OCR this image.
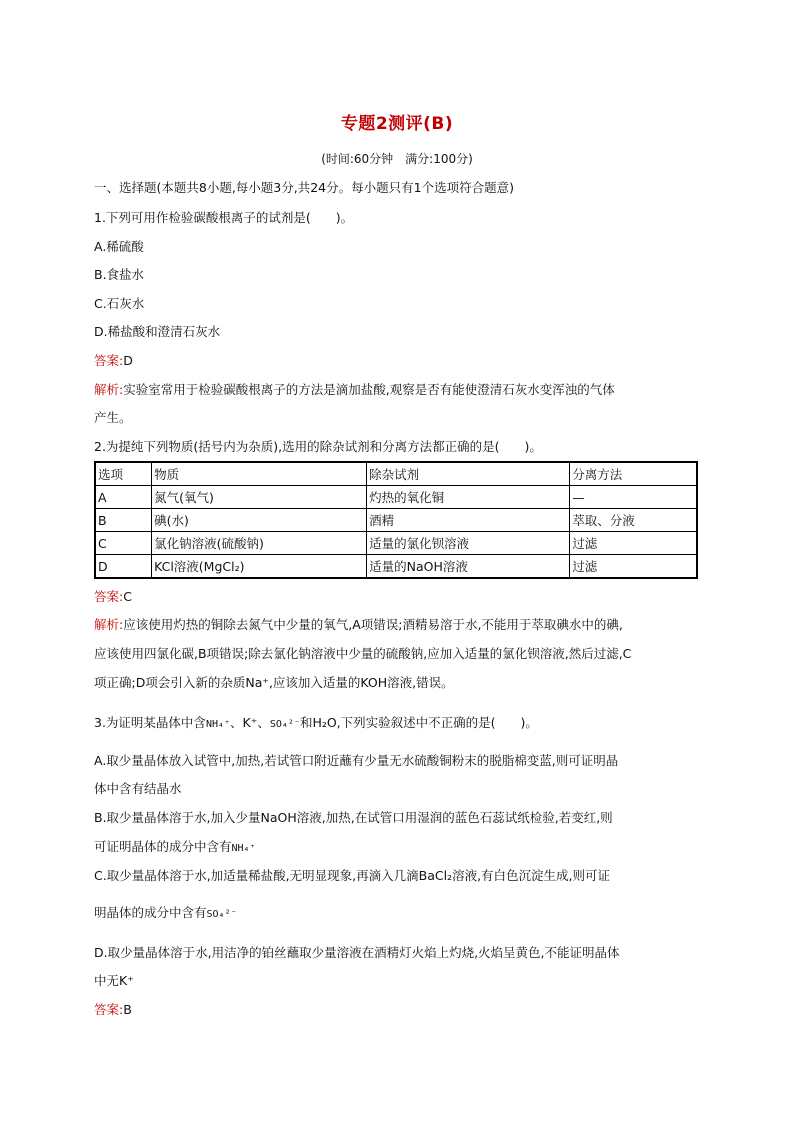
专题2测评(B)
(时间:60分钟　满分:100分)
一、选择题(本题共8小题,每小题3分,共24分。每小题只有1个选项符合题意)
1.下列可用作检验碳酸根离子的试剂是(　　)。
A.稀硫酸
B.食盐水
C.石灰水
D.稀盐酸和澄清石灰水
答案:D
解析:实验室常用于检验碳酸根离子的方法是滴加盐酸,观察是否有能使澄清石灰水变浑浊的气体
产生。
2.为提纯下列物质(括号内为杂质),选用的除杂试剂和分离方法都正确的是(　　)。
选项	物质	除杂试剂	分离方法
A	氮气(氧气)	灼热的氧化铜	—
B	碘(水)	酒精	萃取、分液
C	氯化钠溶液(硫酸钠)	适量的氯化钡溶液	过滤
D	KCl溶液(MgCl₂)	适量的NaOH溶液	过滤
答案:C
解析:应该使用灼热的铜除去氮气中少量的氧气,A项错误;酒精易溶于水,不能用于萃取碘水中的碘,
应该使用四氯化碳,B项错误;除去氯化钠溶液中少量的硫酸钠,应加入适量的氯化钡溶液,然后过滤,C
项正确;D项会引入新的杂质Na⁺,应该加入适量的KOH溶液,错误。
3.为证明某晶体中含NH₄⁺、K⁺、SO₄²⁻和H₂O,下列实验叙述中不正确的是(　　)。
A.取少量晶体放入试管中,加热,若试管口附近蘸有少量无水硫酸铜粉末的脱脂棉变蓝,则可证明晶
体中含有结晶水
B.取少量晶体溶于水,加入少量NaOH溶液,加热,在试管口用湿润的蓝色石蕊试纸检验,若变红,则
可证明晶体的成分中含有NH₄⁺
C.取少量晶体溶于水,加适量稀盐酸,无明显现象,再滴入几滴BaCl₂溶液,有白色沉淀生成,则可证
明晶体的成分中含有SO₄²⁻
D.取少量晶体溶于水,用洁净的铂丝蘸取少量溶液在酒精灯火焰上灼烧,火焰呈黄色,不能证明晶体
中无K⁺
答案:B
